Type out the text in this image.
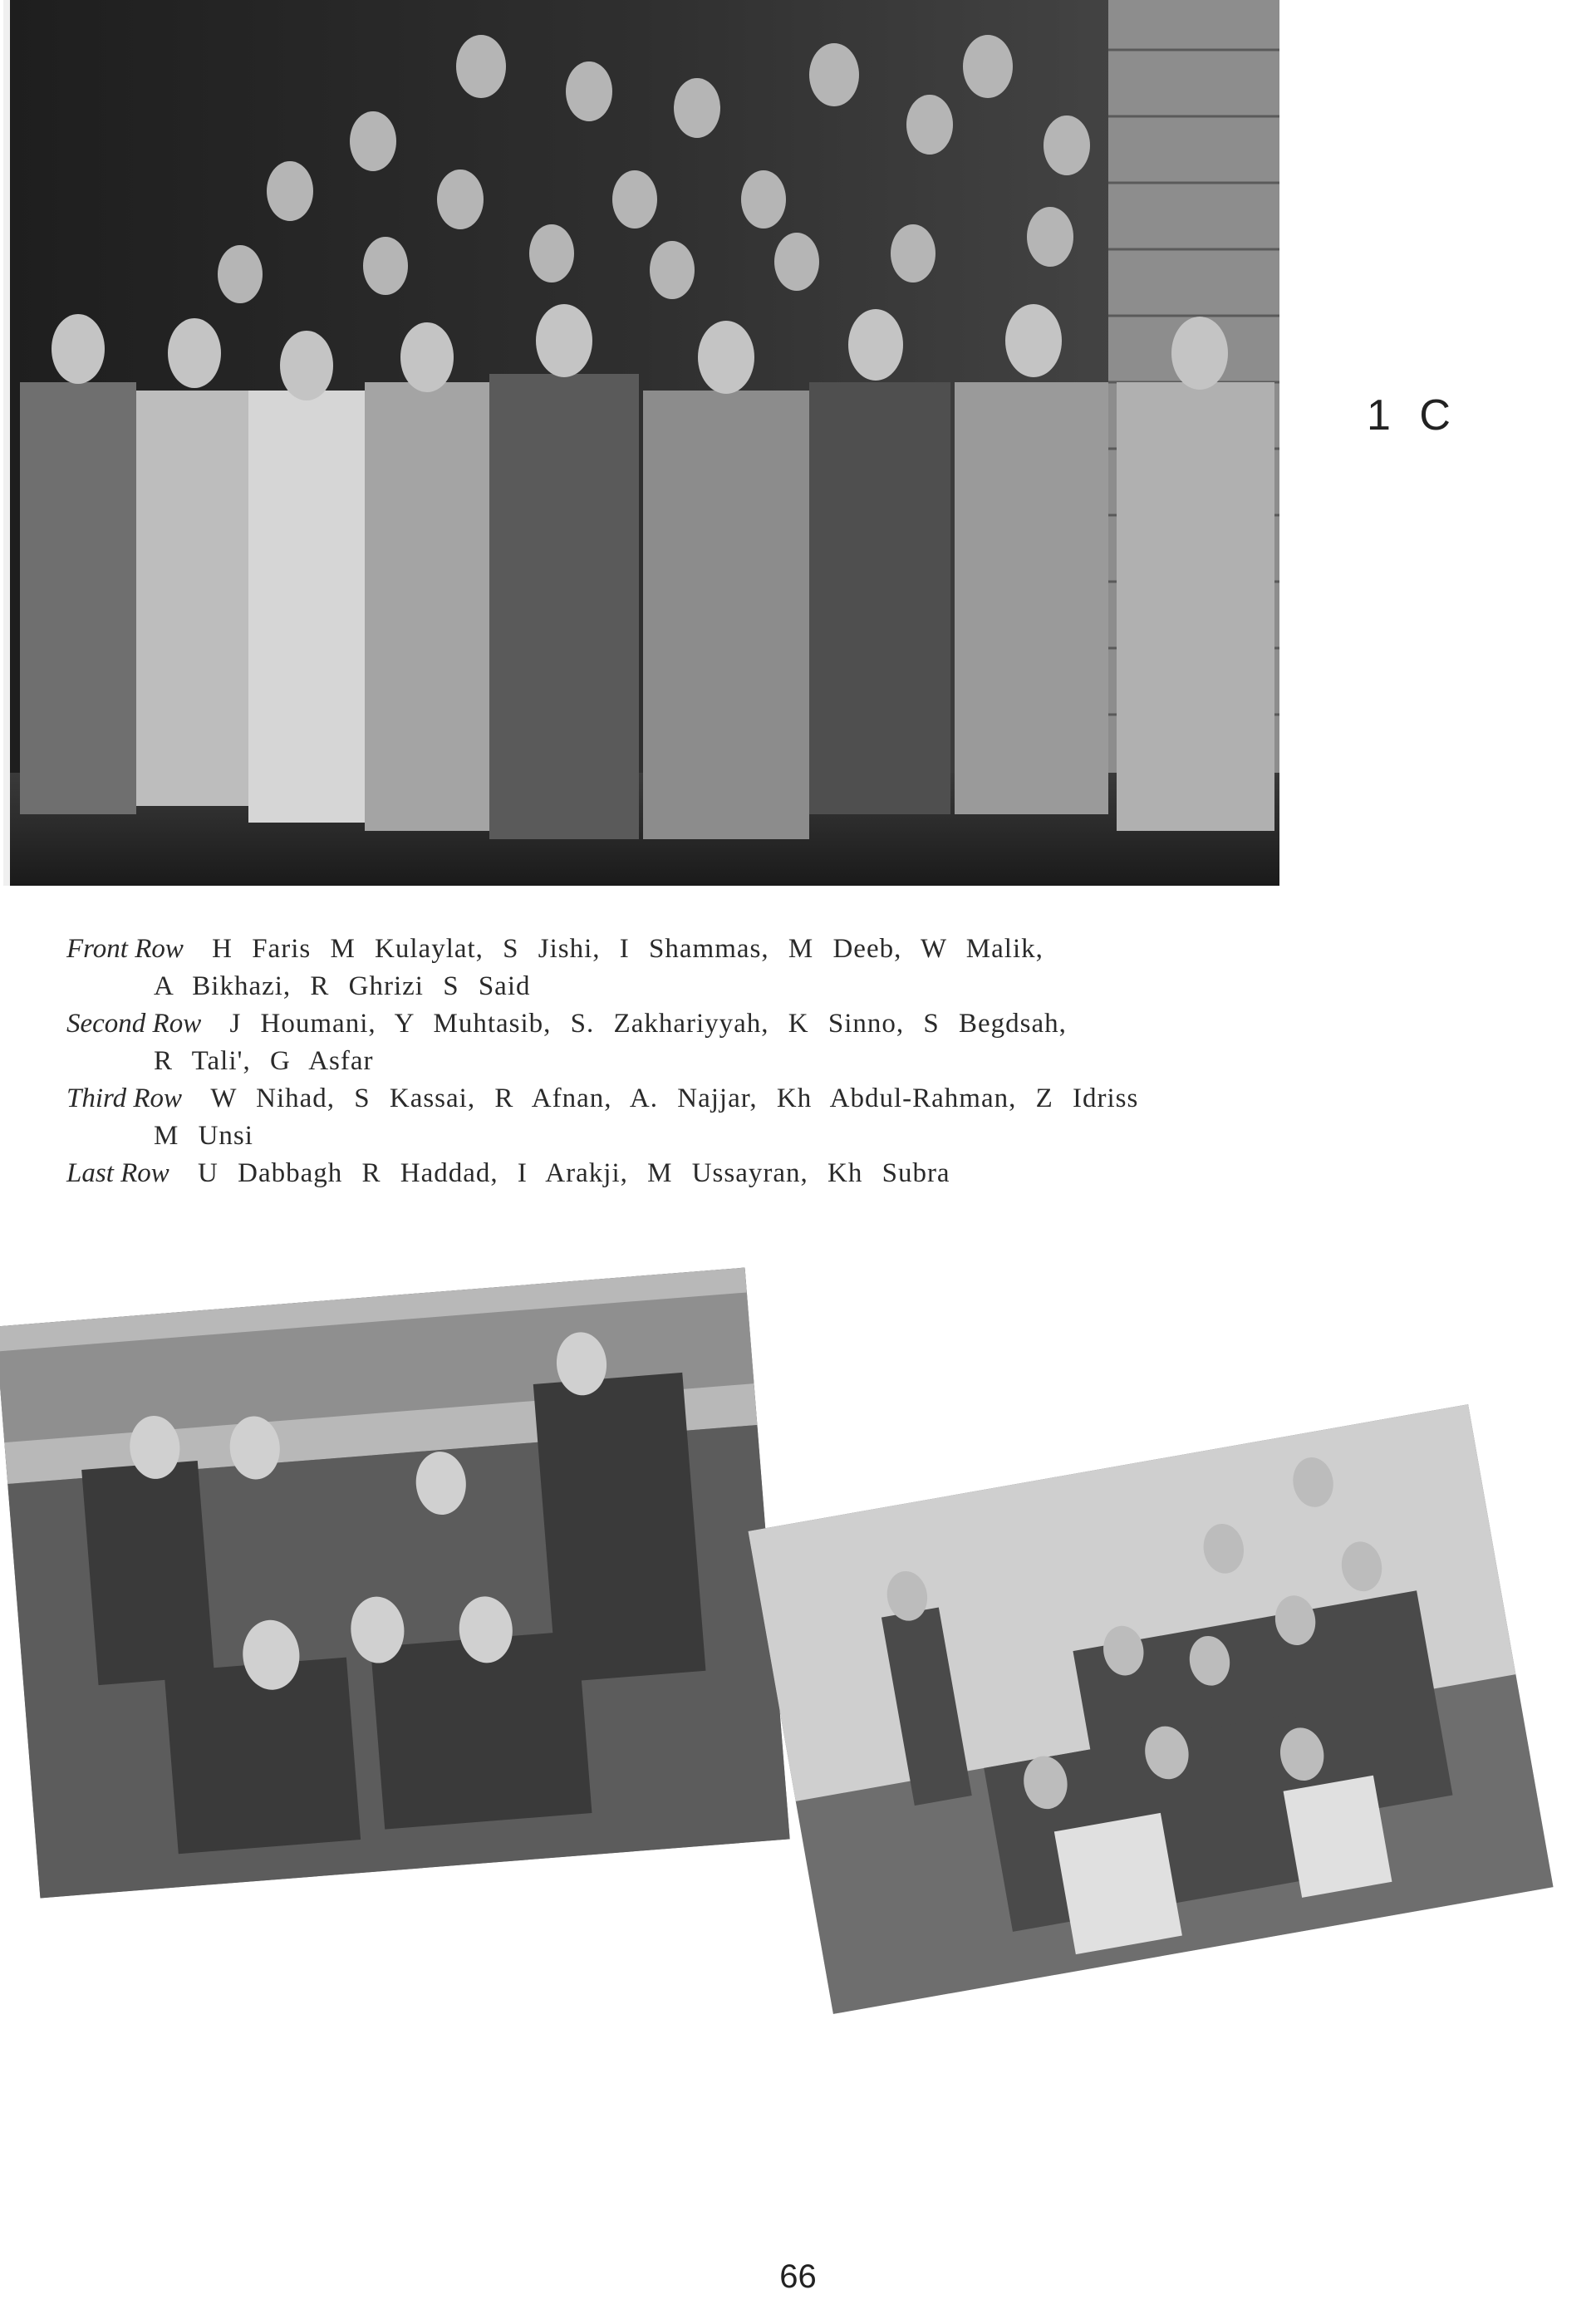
1 C
Front Row H Faris M Kulaylat, S Jishi, I Shammas, M Deeb, W Malik,
A Bikhazi, R Ghrizi S Said
Second Row J Houmani, Y Muhtasib, S. Zakhariyyah, K Sinno, S Begdsah,
R Tali', G Asfar
Third Row W Nihad, S Kassai, R Afnan, A. Najjar, Kh Abdul-Rahman, Z Idriss
M Unsi
Last Row U Dabbagh R Haddad, I Arakji, M Ussayran, Kh Subra
66
